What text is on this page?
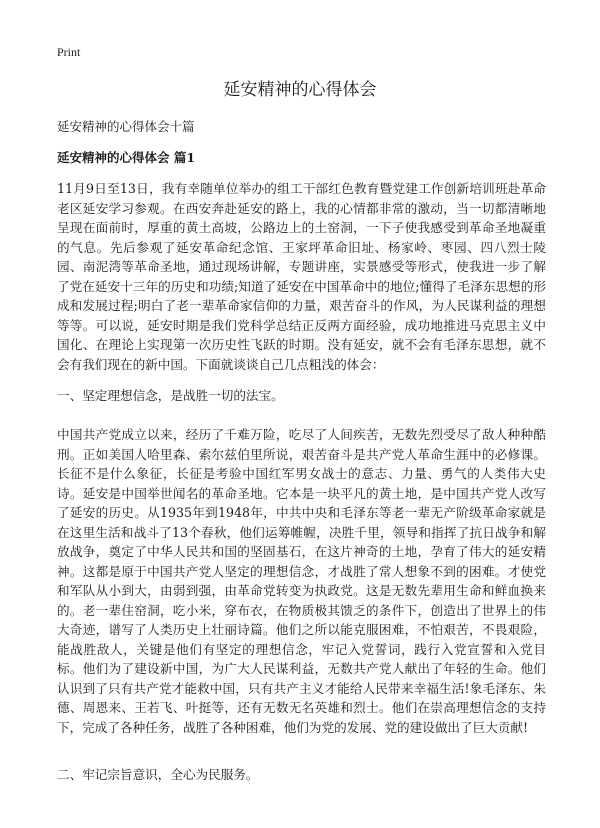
Print
延安精神的心得体会

延安精神的心得体会十篇

延安精神的心得体会 篇1

11月9日至13日，我有幸随单位举办的组工干部红色教育暨党建工作创新培训班赴革命老区延安学习参观。在西安奔赴延安的路上，我的心情都非常的激动，当一切都清晰地呈现在面前时，厚重的黄土高坡，公路边上的土窑洞，一下子使我感受到革命圣地凝重的气息。先后参观了延安革命纪念馆、王家坪革命旧址、杨家岭、枣园、四八烈士陵园、南泥湾等革命圣地，通过现场讲解，专题讲座，实景感受等形式，使我进一步了解了党在延安十三年的历史和功绩;知道了延安在中国革命中的地位;懂得了毛泽东思想的形成和发展过程;明白了老一辈革命家信仰的力量，艰苦奋斗的作风，为人民谋利益的理想等等。可以说，延安时期是我们党科学总结正反两方面经验，成功地推进马克思主义中国化、在理论上实现第一次历史性飞跃的时期。没有延安，就不会有毛泽东思想，就不会有我们现在的新中国。下面就谈谈自己几点粗浅的体会：

一、坚定理想信念，是战胜一切的法宝。

中国共产党成立以来，经历了千难万险，吃尽了人间疾苦，无数先烈受尽了敌人种种酷刑。正如美国人哈里森、索尔兹伯里所说，艰苦奋斗是共产党人革命生涯中的必修课。长征不是什么象征，长征是考验中国红军男女战士的意志、力量、勇气的人类伟大史诗。延安是中国举世闻名的革命圣地。它本是一块平凡的黄土地，是中国共产党人改写了延安的历史。从1935年到1948年，中共中央和毛泽东等老一辈无产阶级革命家就是在这里生活和战斗了13个春秋，他们运筹帷幄，决胜千里，领导和指挥了抗日战争和解放战争，奠定了中华人民共和国的坚固基石，在这片神奇的土地，孕育了伟大的延安精神。这都是原于中国共产党人坚定的理想信念，才战胜了常人想象不到的困难。才使党和军队从小到大，由弱到强，由革命党转变为执政党。这是无数先辈用生命和鲜血换来的。老一辈住窑洞，吃小米，穿布衣，在物质极其馈乏的条件下，创造出了世界上的伟大奇迹，谱写了人类历史上壮丽诗篇。他们之所以能克服困难，不怕艰苦，不畏艰险，能战胜敌人，关键是他们有坚定的理想信念，牢记入党誓词，践行入党宣誓和入党目标。他们为了建设新中国，为广大人民谋利益，无数共产党人献出了年轻的生命。他们认识到了只有共产党才能救中国，只有共产主义才能给人民带来幸福生活!象毛泽东、朱德、周恩来、王若飞、叶挺等，还有无数无名英雄和烈士。他们在崇高理想信念的支持下，完成了各种任务，战胜了各种困难，他们为党的发展、党的建设做出了巨大贡献!

二、牢记宗旨意识，全心为民服务。
